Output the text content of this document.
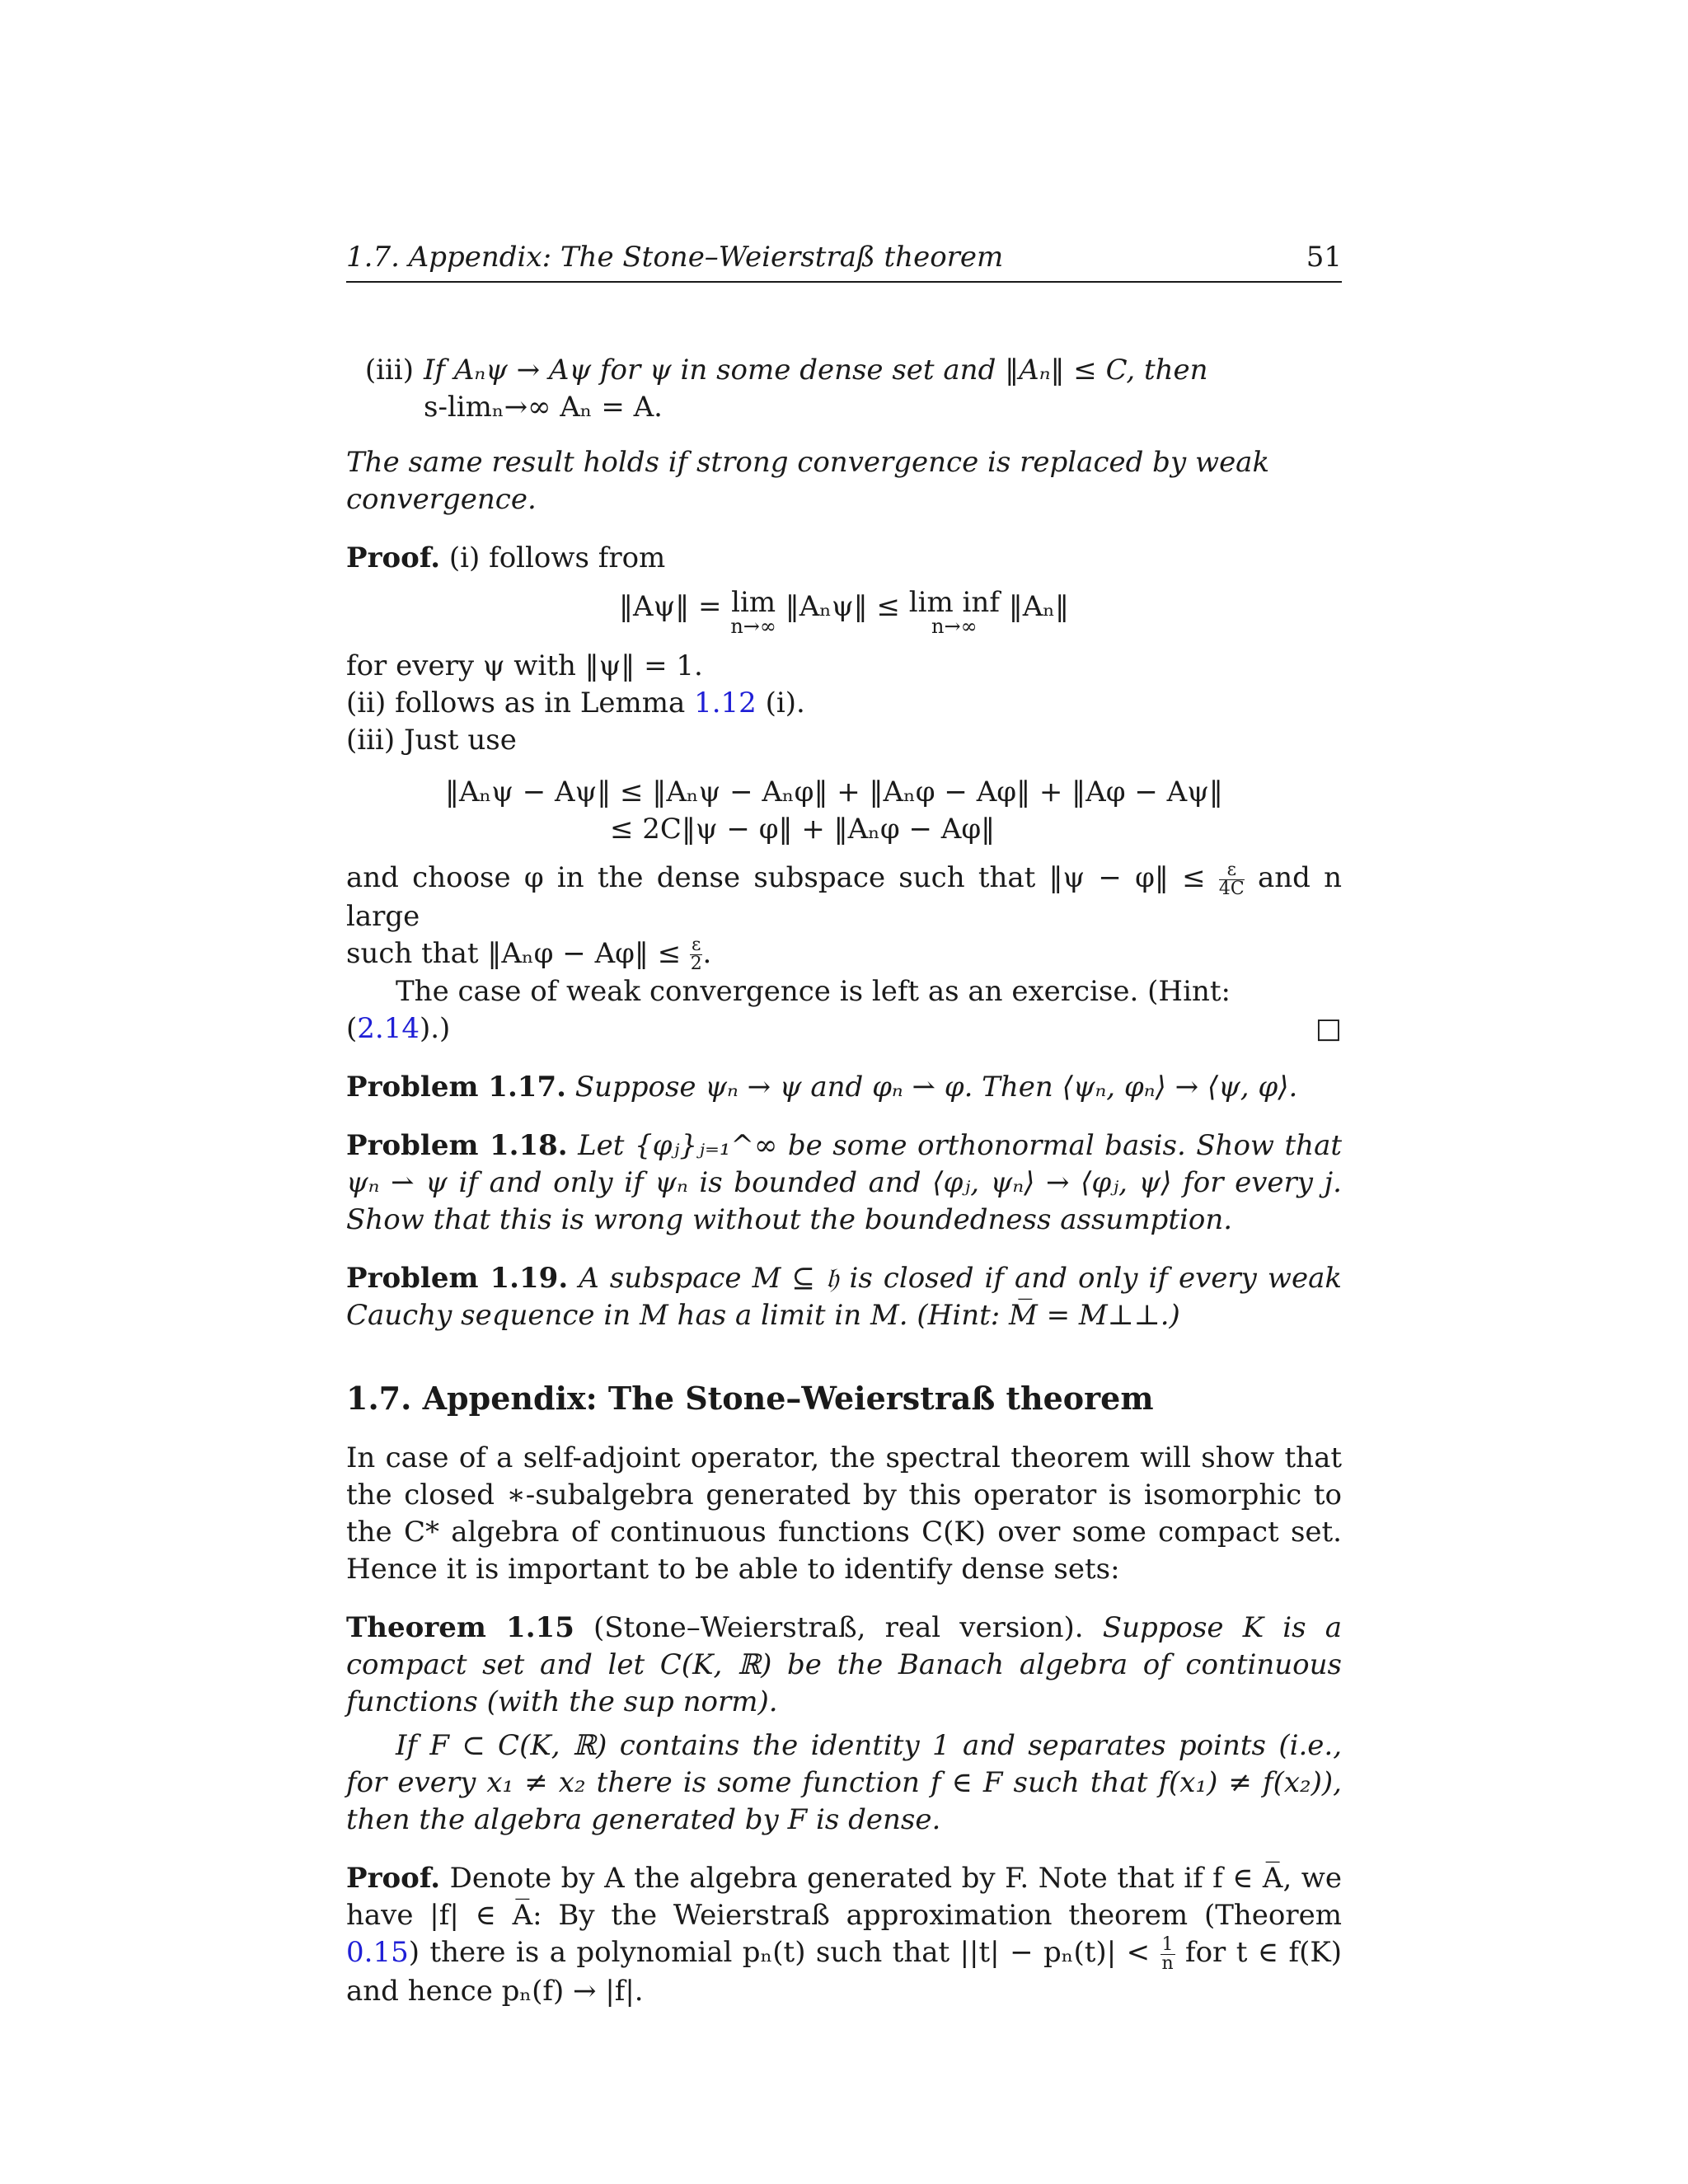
1.7. Appendix: The Stone–Weierstraß theorem	51
(iii) If Aₙψ → Aψ for ψ in some dense set and ‖Aₙ‖ ≤ C, then
s-limₙ→∞ Aₙ = A.

The same result holds if strong convergence is replaced by weak convergence.

Proof. (i) follows from

‖Aψ‖ = lim
n→∞
‖Aₙψ‖ ≤ lim inf
n→∞
‖Aₙ‖

for every ψ with ‖ψ‖ = 1.

(ii) follows as in Lemma 1.12 (i).

(iii) Just use

‖Aₙψ − Aψ‖ ≤ ‖Aₙψ − Aₙφ‖ + ‖Aₙφ − Aφ‖ + ‖Aφ − Aψ‖
≤ 2C‖ψ − φ‖ + ‖Aₙφ − Aφ‖

and choose φ in the dense subspace such that ‖ψ − φ‖ ≤ $\frac{\varepsilon}{4C}$ and n large

such that ‖Aₙφ − Aφ‖ ≤ $\frac{\varepsilon}{2}$ .

The case of weak convergence is left as an exercise. (Hint: (2.14).)	□

Problem 1.17. Suppose ψₙ → ψ and φₙ ⇀ φ. Then ⟨ψₙ, φₙ⟩ → ⟨ψ, φ⟩.

Problem 1.18. Let {φⱼ}ⱼ₌₁^∞ be some orthonormal basis. Show that ψₙ ⇀ ψ if and only if ψₙ is bounded and ⟨φⱼ, ψₙ⟩ → ⟨φⱼ, ψ⟩ for every j. Show that this is wrong without the boundedness assumption.

Problem 1.19. A subspace M ⊆ 𝔥 is closed if and only if every weak Cauchy sequence in M has a limit in M. (Hint: M̅ = M⊥⊥.)

1.7. Appendix: The Stone–Weierstraß theorem

In case of a self-adjoint operator, the spectral theorem will show that the closed ∗-subalgebra generated by this operator is isomorphic to the C* algebra of continuous functions C(K) over some compact set. Hence it is important to be able to identify dense sets:

Theorem 1.15 (Stone–Weierstraß, real version). Suppose K is a compact set and let C(K, ℝ) be the Banach algebra of continuous functions (with the sup norm).

If F ⊂ C(K, ℝ) contains the identity 1 and separates points (i.e., for every x₁ ≠ x₂ there is some function f ∈ F such that f(x₁) ≠ f(x₂)), then the algebra generated by F is dense.

Proof. Denote by A the algebra generated by F. Note that if f ∈ A̅, we have |f| ∈ A̅: By the Weierstraß approximation theorem (Theorem 0.15) there is a polynomial pₙ(t) such that $||t| - p_n(t)| < \frac{1}{n}$ for t ∈ f(K) and hence pₙ(f) → |f|.
